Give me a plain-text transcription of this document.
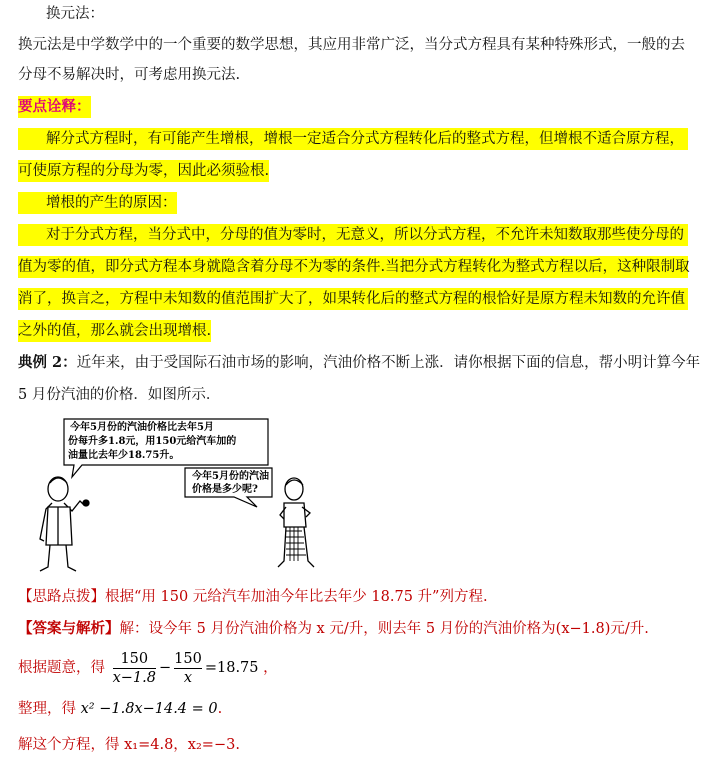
换元法：
换元法是中学数学中的一个重要的数学思想，其应用非常广泛，当分式方程具有某种特殊形式，一般的去
分母不易解决时，可考虑用换元法.
要点诠释：
解分式方程时，有可能产生增根，增根一定适合分式方程转化后的整式方程，但增根不适合原方程，
可使原方程的分母为零，因此必须验根.
增根的产生的原因：
对于分式方程，当分式中，分母的值为零时，无意义，所以分式方程，不允许未知数取那些使分母的
值为零的值，即分式方程本身就隐含着分母不为零的条件.当把分式方程转化为整式方程以后，这种限制取
消了，换言之，方程中未知数的值范围扩大了，如果转化后的整式方程的根恰好是原方程未知数的允许值
之外的值，那么就会出现增根.
典例 2：近年来，由于受国际石油市场的影响，汽油价格不断上涨．请你根据下面的信息，帮小明计算今年
5 月份汽油的价格．如图所示．
今年5月份的汽油价格比去年5月
份每升多1.8元，用150元给汽车加的
油量比去年少18.75升。
今年5月份的汽油
价格是多少呢?
【思路点拨】根据“用 150 元给汽车加油今年比去年少 18.75 升”列方程.
【答案与解析】解：设今年 5 月份汽油价格为 x 元/升，则去年 5 月份的汽油价格为(x−1.8)元/升.
根据题意，得 $\frac{150}{x-1.8} - \frac{150}{x} =18.75$ ，
整理，得 x² −1.8x−14.4 = 0.
解这个方程，得 x₁=4.8，x₂=−3.
